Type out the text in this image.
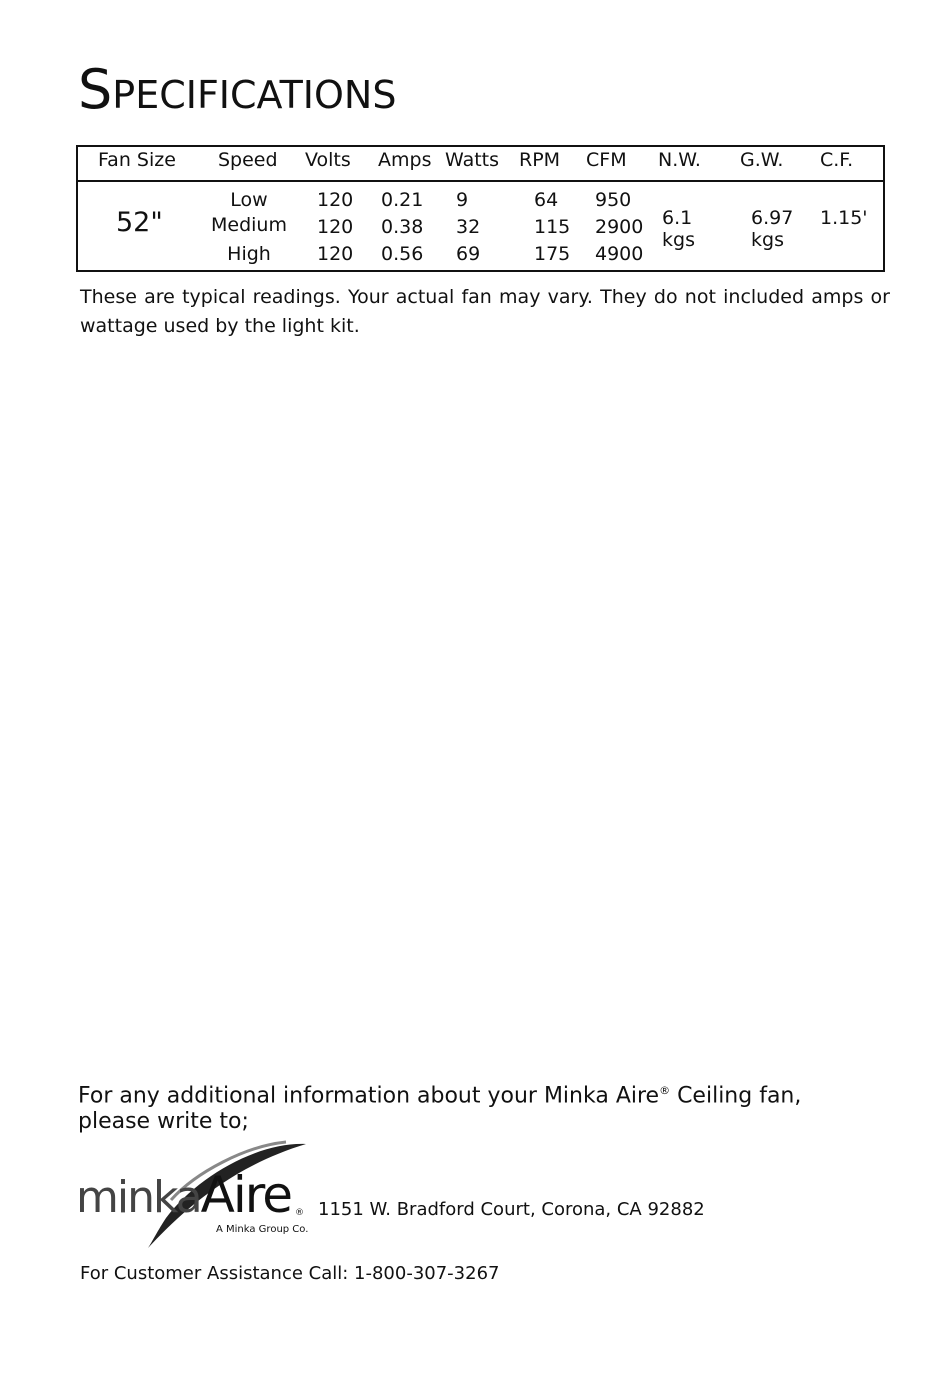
SPECIFICATIONS
Fan Size Speed Volts Amps Watts RPM CFM N.W. G.W. C.F.
52"
Low
Medium
High
120
120
120
0.21
0.38
0.56
9
32
69
64
115
175
950
2900
4900
6.1
kgs
6.97
kgs
1.15'

These are typical readings. Your actual fan may vary. They do not included amps or wattage used by the light kit.

For any additional information about your Minka Aire® Ceiling fan,
please write to;

minkaAire ®
A Minka Group Co.
1151 W. Bradford Court, Corona, CA 92882
For Customer Assistance Call: 1-800-307-3267
